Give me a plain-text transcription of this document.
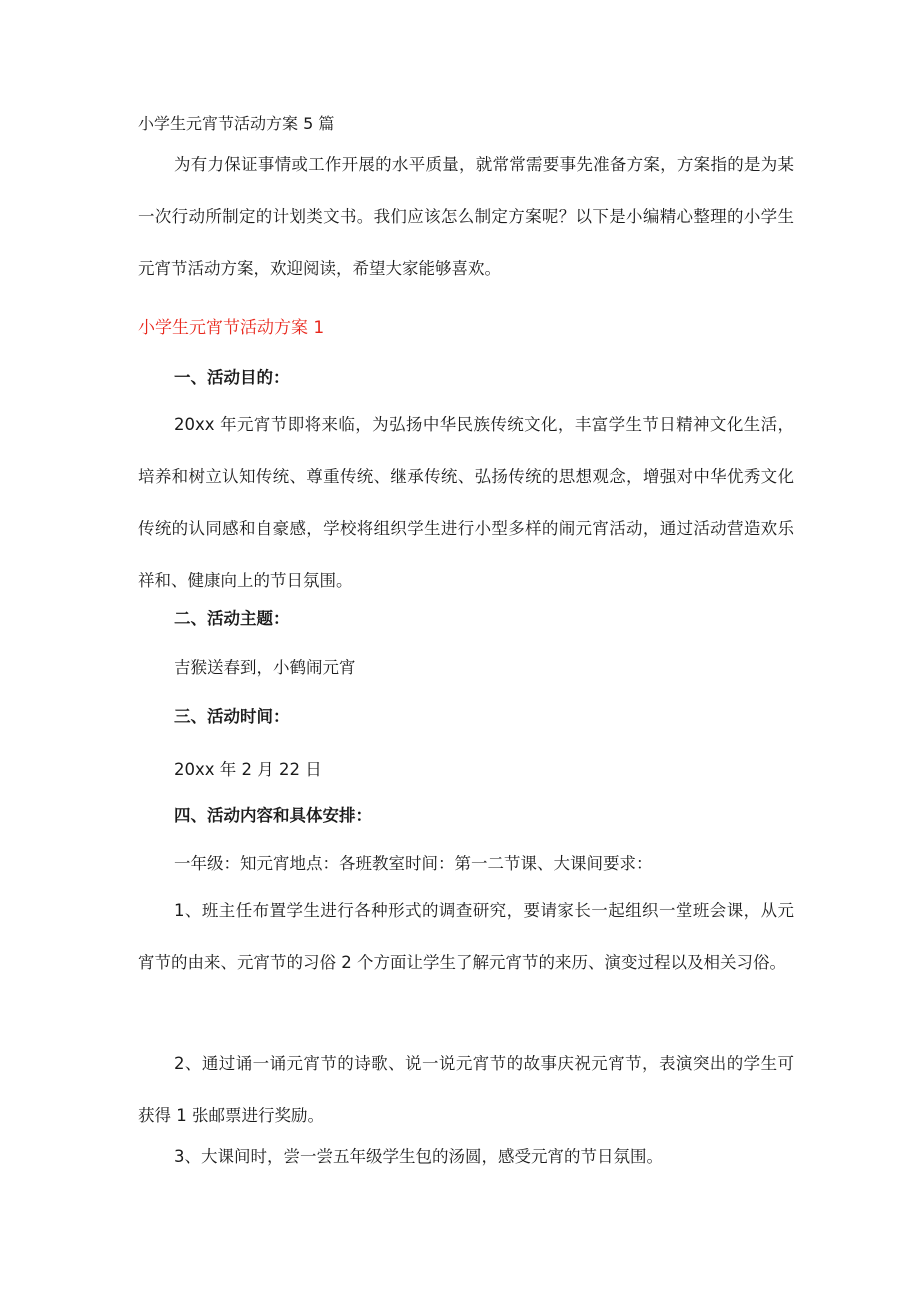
小学生元宵节活动方案 5 篇

为有力保证事情或工作开展的水平质量，就常常需要事先准备方案，方案指的是为某一次行动所制定的计划类文书。我们应该怎么制定方案呢？以下是小编精心整理的小学生元宵节活动方案，欢迎阅读，希望大家能够喜欢。

小学生元宵节活动方案 1

一、活动目的：

20xx 年元宵节即将来临，为弘扬中华民族传统文化，丰富学生节日精神文化生活，培养和树立认知传统、尊重传统、继承传统、弘扬传统的思想观念，增强对中华优秀文化传统的认同感和自豪感，学校将组织学生进行小型多样的闹元宵活动，通过活动营造欢乐祥和、健康向上的节日氛围。

二、活动主题：

吉猴送春到，小鹤闹元宵

三、活动时间：

20xx 年 2 月 22 日

四、活动内容和具体安排：

一年级：知元宵地点：各班教室时间：第一二节课、大课间要求：

1、班主任布置学生进行各种形式的调查研究，要请家长一起组织一堂班会课，从元宵节的由来、元宵节的习俗 2 个方面让学生了解元宵节的来历、演变过程以及相关习俗。

2、通过诵一诵元宵节的诗歌、说一说元宵节的故事庆祝元宵节，表演突出的学生可获得 1 张邮票进行奖励。

3、大课间时，尝一尝五年级学生包的汤圆，感受元宵的节日氛围。
